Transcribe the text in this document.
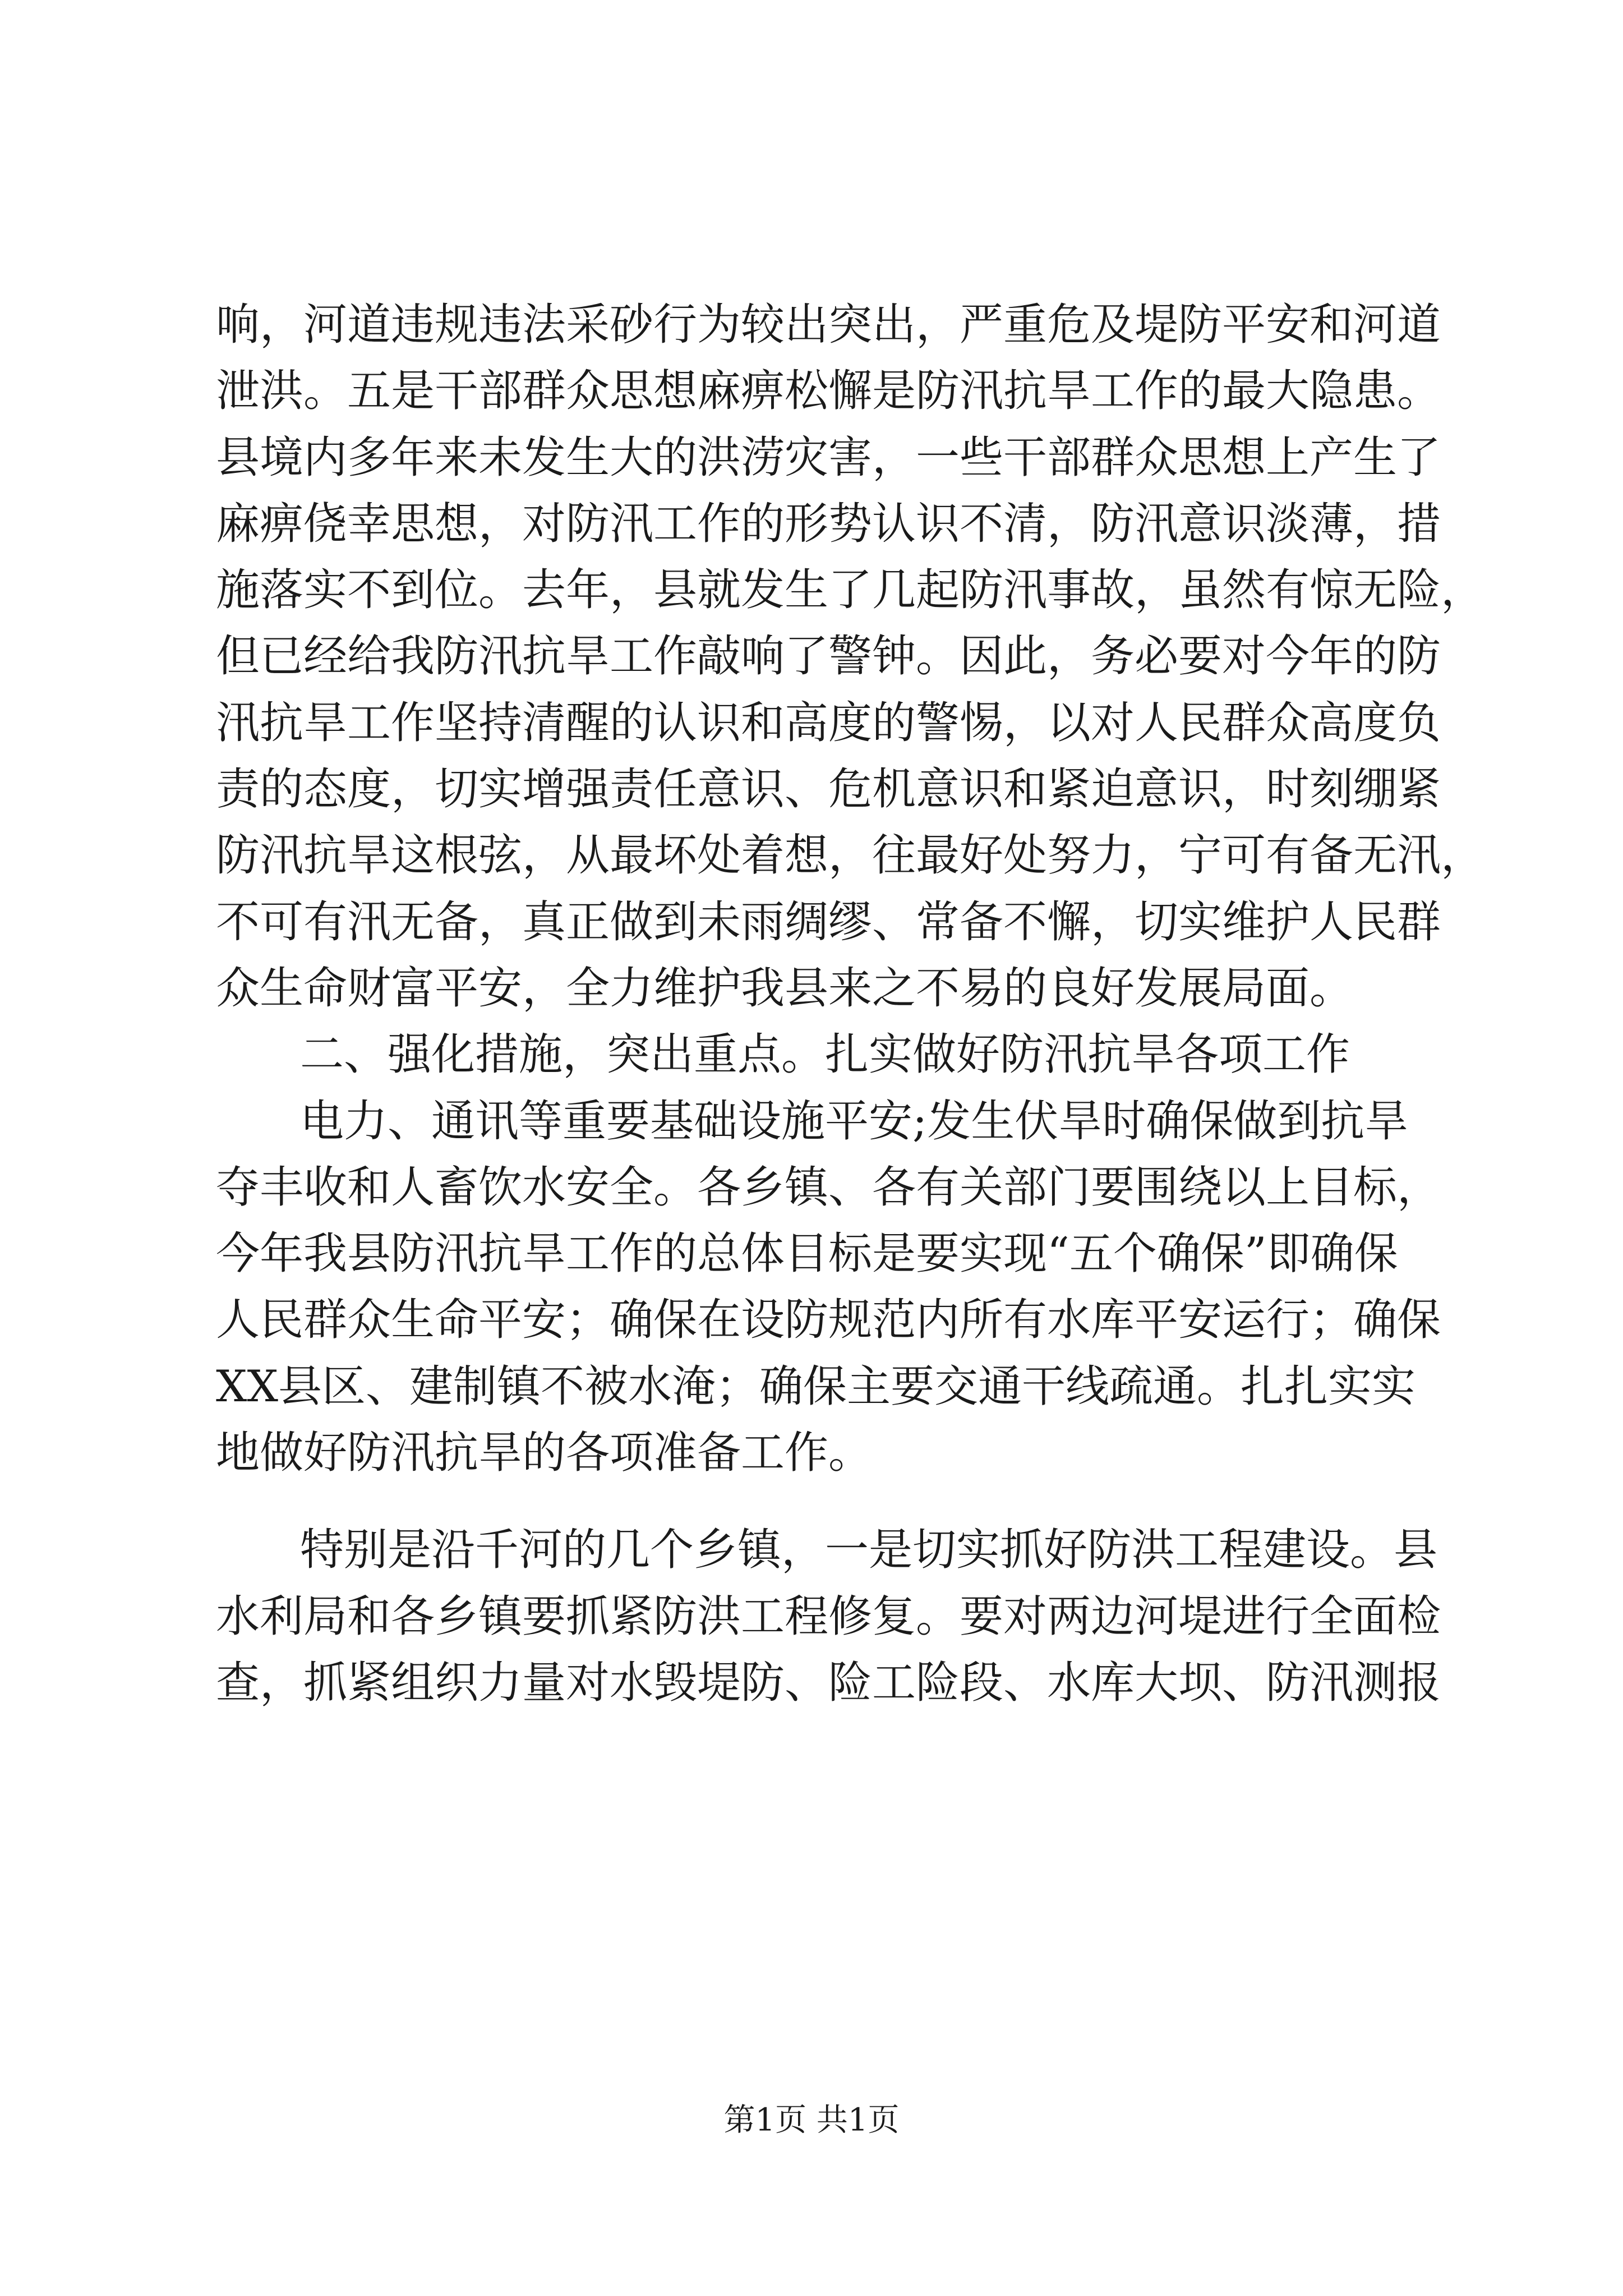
响，河道违规违法采砂行为较出突出，严重危及堤防平安和河道
泄洪。五是干部群众思想麻痹松懈是防汛抗旱工作的最大隐患。
县境内多年来未发生大的洪涝灾害，一些干部群众思想上产生了
麻痹侥幸思想，对防汛工作的形势认识不清，防汛意识淡薄，措
施落实不到位。去年，县就发生了几起防汛事故，虽然有惊无险，
但已经给我防汛抗旱工作敲响了警钟。因此，务必要对今年的防
汛抗旱工作坚持清醒的认识和高度的警惕，以对人民群众高度负
责的态度，切实增强责任意识、危机意识和紧迫意识，时刻绷紧
防汛抗旱这根弦，从最坏处着想，往最好处努力，宁可有备无汛，
不可有汛无备，真正做到未雨绸缪、常备不懈，切实维护人民群
众生命财富平安，全力维护我县来之不易的良好发展局面。
二、强化措施，突出重点。扎实做好防汛抗旱各项工作
电力、通讯等重要基础设施平安;发生伏旱时确保做到抗旱
夺丰收和人畜饮水安全。各乡镇、各有关部门要围绕以上目标，
今年我县防汛抗旱工作的总体目标是要实现“五个确保”即确保
人民群众生命平安；确保在设防规范内所有水库平安运行；确保
XX县区、建制镇不被水淹；确保主要交通干线疏通。扎扎实实
地做好防汛抗旱的各项准备工作。
特别是沿千河的几个乡镇，一是切实抓好防洪工程建设。县
水利局和各乡镇要抓紧防洪工程修复。要对两边河堤进行全面检
查，抓紧组织力量对水毁堤防、险工险段、水库大坝、防汛测报
第1页 共1页
